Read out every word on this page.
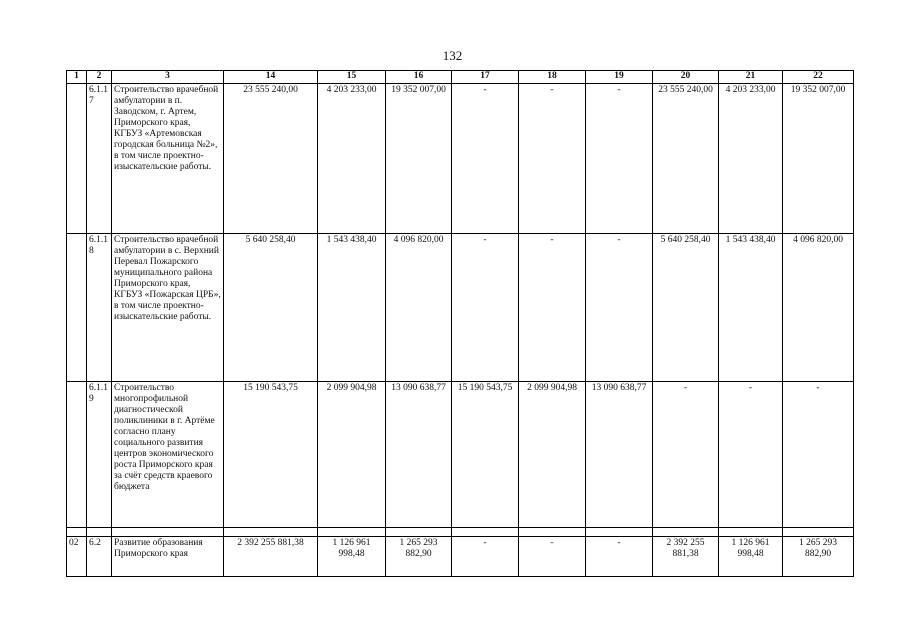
132
1	2	3	14	15	16	17	18	19	20	21	22
	6.1.17	Строительство врачебной амбулатории в п. Заводском, г. Артем, Приморского края, КГБУЗ «Артемовская городская больница №2», в том числе проектно-изыскательские работы.	23 555 240,00	4 203 233,00	19 352 007,00	-	-	-	23 555 240,00	4 203 233,00	19 352 007,00
	6.1.18	Строительство врачебной амбулатории в с. Верхний Перевал Пожарского муниципального района Приморского края, КГБУЗ «Пожарская ЦРБ», в том числе проектно-изыскательские работы.	5 640 258,40	1 543 438,40	4 096 820,00	-	-	-	5 640 258,40	1 543 438,40	4 096 820,00
	6.1.19	Строительство многопрофильной диагностической поликлиники в г. Артёме согласно плану социального развития центров экономического роста Приморского края за счёт средств краевого бюджета	15 190 543,75	2 099 904,98	13 090 638,77	15 190 543,75	2 099 904,98	13 090 638,77	-	-	-

02	6.2	Развитие образования Приморского края	2 392 255 881,38	1 126 961 998,48	1 265 293 882,90	-	-	-	2 392 255 881,38	1 126 961 998,48	1 265 293 882,90
